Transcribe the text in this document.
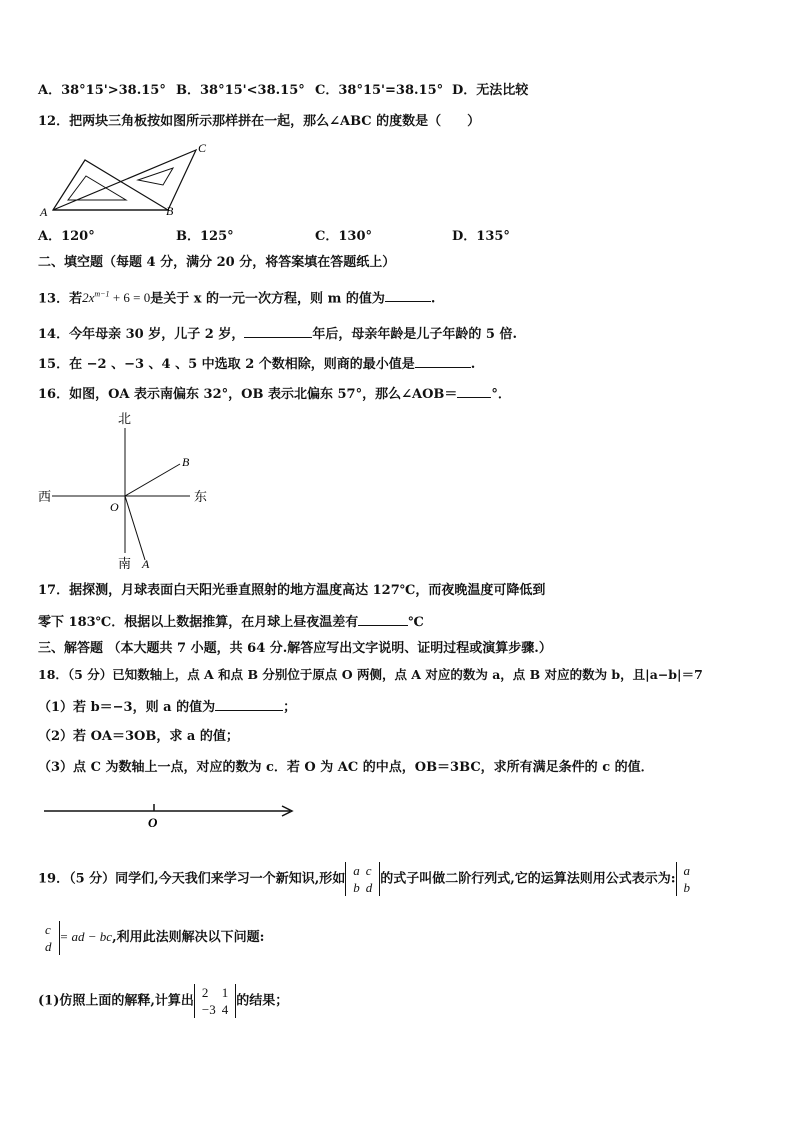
A．38°15'>38.15° B．38°15'<38.15° C．38°15'=38.15° D．无法比较
12．把两块三角板按如图所示那样拼在一起，那么∠ABC 的度数是（　　）
A	B
C
A．120°	B．125°	C．130°	D．135°
二、填空题（每题 4 分，满分 20 分，将答案填在答题纸上）
13．若$2x^{m-1} + 6 = 0$是关于 x 的一元一次方程，则 m 的值为	.
14．今年母亲 30 岁，儿子 2 岁，	年后，母亲年龄是儿子年龄的 5 倍.
15．在 −2 、−3 、4 、5 中选取 2 个数相除，则商的最小值是	.
16．如图，OA 表示南偏东 32°，OB 表示北偏东 57°，那么∠AOB＝	°．
北
南
西	东
O
B
A
17．据探测，月球表面白天阳光垂直照射的地方温度高达 127℃，而夜晚温度可降低到
零下 183℃．根据以上数据推算，在月球上昼夜温差有	℃
三、解答题 （本大题共 7 小题，共 64 分.解答应写出文字说明、证明过程或演算步骤.）
18．（5 分）已知数轴上，点 A 和点 B 分别位于原点 O 两侧，点 A 对应的数为 a，点 B 对应的数为 b，且|a−b|＝7
（1）若 b＝−3，则 a 的值为	；
（2）若 OA＝3OB，求 a 的值；
（3）点 C 为数轴上一点，对应的数为 c．若 O 为 AC 的中点，OB＝3BC，求所有满足条件的 c 的值．
O
19．（5 分）同学们,今天我们来学习一个新知识,形如
a	c
b	d
的式子叫做二阶行列式,它的运算法则用公式表示为:
a
b
c
d
= ad − bc,利用此法则解决以下问题:
(1)仿照上面的解释,计算出
2	1
−3	4
的结果；
